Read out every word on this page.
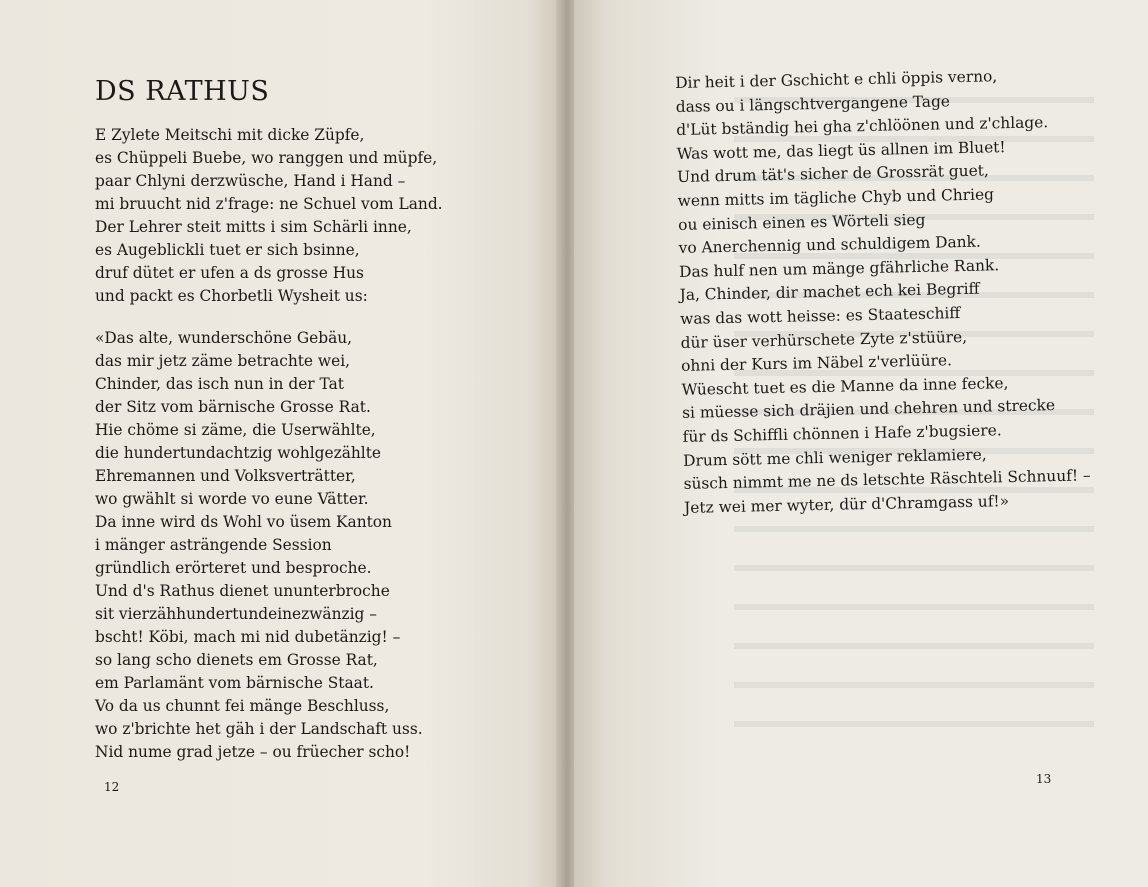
DS RATHUS
E Zylete Meitschi mit dicke Züpfe,
es Chüppeli Buebe, wo ranggen und müpfe,
paar Chlyni derzwüsche, Hand i Hand –
mi bruucht nid z'frage: ne Schuel vom Land.
Der Lehrer steit mitts i sim Schärli inne,
es Augeblickli tuet er sich bsinne,
druf dütet er ufen a ds grosse Hus
und packt es Chorbetli Wysheit us:
«Das alte, wunderschöne Gebäu,
das mir jetz zäme betrachte wei,
Chinder, das isch nun in der Tat
der Sitz vom bärnische Grosse Rat.
Hie chöme si zäme, die Userwählte,
die hundertundachtzig wohlgezählte
Ehremannen und Volksverträtter,
wo gwählt si worde vo eune Vätter.
Da inne wird ds Wohl vo üsem Kanton
i mänger asträngende Session
gründlich erörteret und besproche.
Und d's Rathus dienet ununterbroche
sit vierzähhundertundeinezwänzig –
bscht! Köbi, mach mi nid dubetänzig! –
so lang scho dienets em Grosse Rat,
em Parlamänt vom bärnische Staat.
Vo da us chunnt fei mänge Beschluss,
wo z'brichte het gäh i der Landschaft uss.
Nid nume grad jetze – ou früecher scho!
12
Dir heit i der Gschicht e chli öppis verno,
dass ou i längschtvergangene Tage
d'Lüt bständig hei gha z'chlöönen und z'chlage.
Was wott me, das liegt üs allnen im Bluet!
Und drum tät's sicher de Grossrät guet,
wenn mitts im tägliche Chyb und Chrieg
ou einisch einen es Wörteli sieg
vo Anerchennig und schuldigem Dank.
Das hulf nen um mänge gfährliche Rank.
Ja, Chinder, dir machet ech kei Begriff
was das wott heisse: es Staateschiff
dür üser verhürschete Zyte z'stüüre,
ohni der Kurs im Näbel z'verlüüre.
Wüescht tuet es die Manne da inne fecke,
si müesse sich dräjien und chehren und strecke
für ds Schiffli chönnen i Hafe z'bugsiere.
Drum sött me chli weniger reklamiere,
süsch nimmt me ne ds letschte Räschteli Schnuuf! –
Jetz wei mer wyter, dür d'Chramgass uf!»
13
